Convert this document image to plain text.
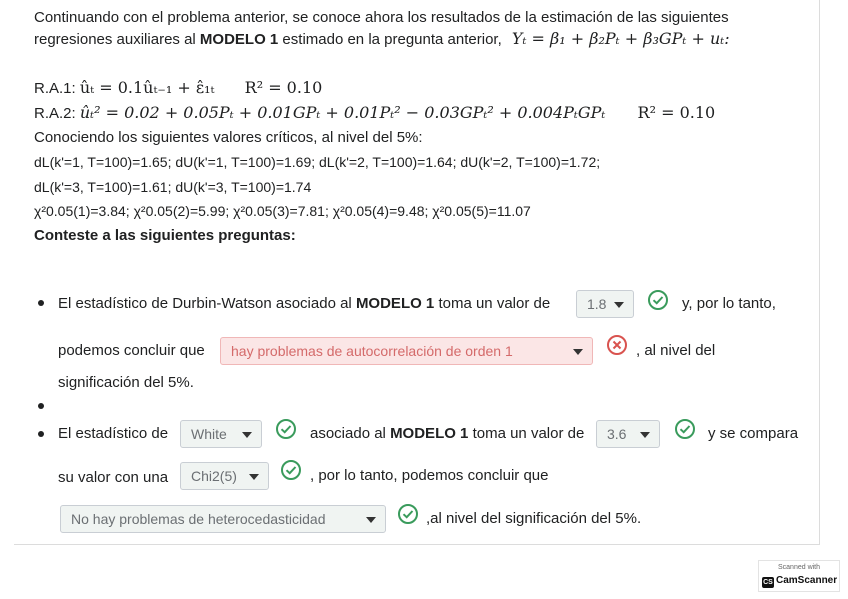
Continuando con el problema anterior, se conoce ahora los resultados de la estimación de las siguientes
regresiones auxiliares al MODELO 1 estimado en la pregunta anterior, Yₜ = β₁ + β₂Pₜ + β₃GPₜ + uₜ:
R.A.1: ûₜ = 0.1ûₜ₋₁ + ε̂₁ₜ R² = 0.10
R.A.2: ûₜ² = 0.02 + 0.05Pₜ + 0.01GPₜ + 0.01Pₜ² − 0.03GPₜ² + 0.004PₜGPₜ R² = 0.10
Conociendo los siguientes valores críticos, al nivel del 5%:
dL(k'=1, T=100)=1.65; dU(k'=1, T=100)=1.69; dL(k'=2, T=100)=1.64; dU(k'=2, T=100)=1.72;
dL(k'=3, T=100)=1.61; dU(k'=3, T=100)=1.74
χ²0.05(1)=3.84; χ²0.05(2)=5.99; χ²0.05(3)=7.81; χ²0.05(4)=9.48; χ²0.05(5)=11.07
Conteste a las siguientes preguntas:
El estadístico de Durbin-Watson asociado al MODELO 1 toma un valor de	1.8	y, por lo tanto,
podemos concluir que	hay problemas de autocorrelación de orden 1	, al nivel del
significación del 5%.
El estadístico de	White	asociado al MODELO 1 toma un valor de	3.6	y se compara
su valor con una	Chi2(5)	, por lo tanto, podemos concluir que
No hay problemas de heterocedasticidad	,al nivel del significación del 5%.
Scanned with
CS CamScanner
